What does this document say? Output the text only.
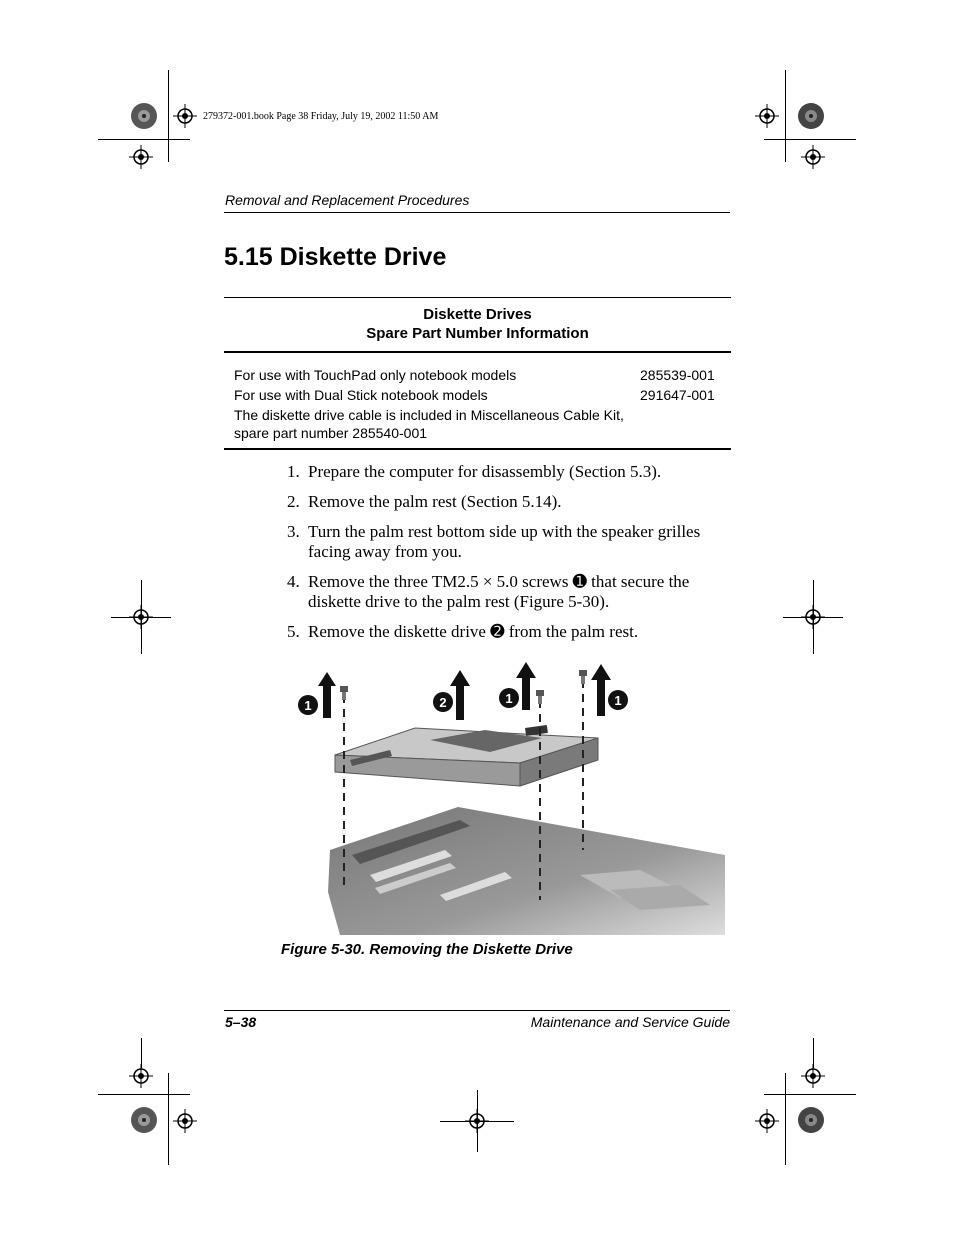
279372-001.book Page 38 Friday, July 19, 2002 11:50 AM
Removal and Replacement Procedures
5.15 Diskette Drive
Diskette Drives
Spare Part Number Information
For use with TouchPad only notebook models	285539-001
For use with Dual Stick notebook models	291647-001
The diskette drive cable is included in Miscellaneous Cable Kit,
spare part number 285540-001
1. Prepare the computer for disassembly (Section 5.3).
2. Remove the palm rest (Section 5.14).
3. Turn the palm rest bottom side up with the speaker grilles facing away from you.
4. Remove the three TM2.5 × 5.0 screws ➊ that secure the diskette drive to the palm rest (Figure 5-30).
5. Remove the diskette drive ➋ from the palm rest.
1	2	1	1
Figure 5-30. Removing the Diskette Drive
5–38	Maintenance and Service Guide
